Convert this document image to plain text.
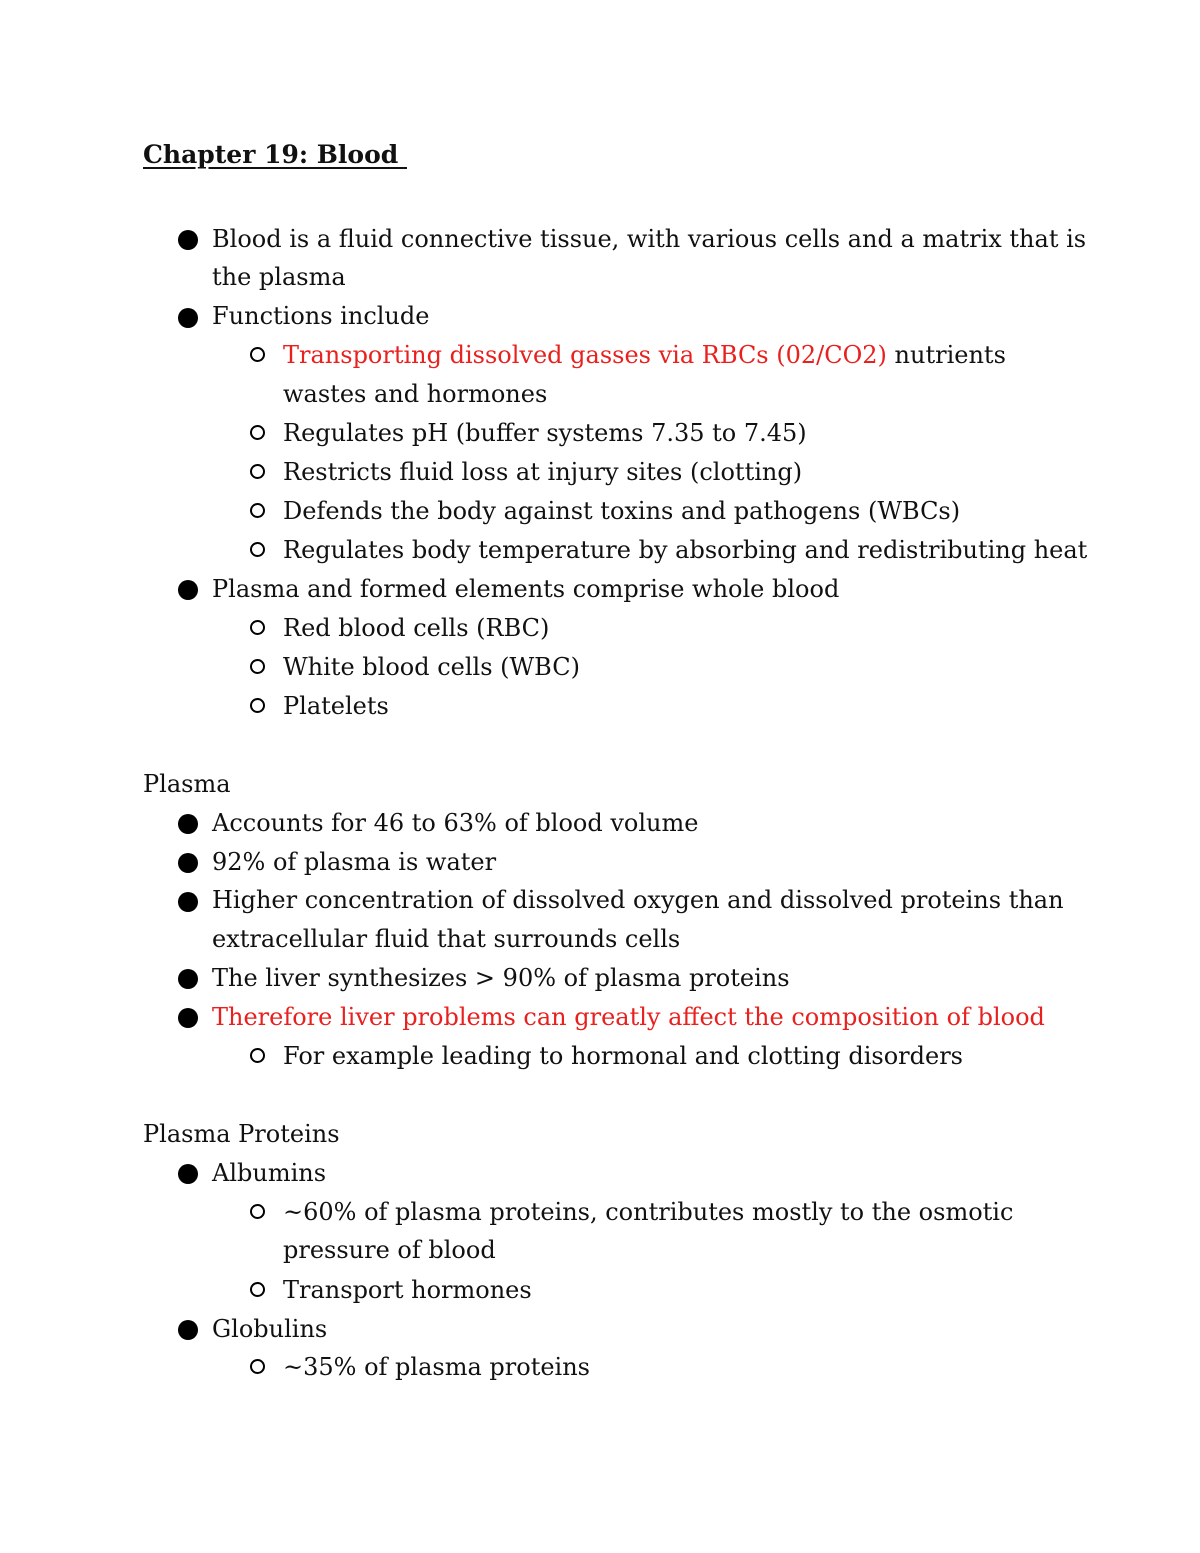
Chapter 19: Blood
Blood is a fluid connective tissue, with various cells and a matrix that is
the plasma
Functions include
Transporting dissolved gasses via RBCs (02/CO2) nutrients
wastes and hormones
Regulates pH (buffer systems 7.35 to 7.45)
Restricts fluid loss at injury sites (clotting)
Defends the body against toxins and pathogens (WBCs)
Regulates body temperature by absorbing and redistributing heat
Plasma and formed elements comprise whole blood
Red blood cells (RBC)
White blood cells (WBC)
Platelets
Plasma
Accounts for 46 to 63% of blood volume
92% of plasma is water
Higher concentration of dissolved oxygen and dissolved proteins than
extracellular fluid that surrounds cells
The liver synthesizes > 90% of plasma proteins
Therefore liver problems can greatly affect the composition of blood
For example leading to hormonal and clotting disorders
Plasma Proteins
Albumins
~60% of plasma proteins, contributes mostly to the osmotic
pressure of blood
Transport hormones
Globulins
~35% of plasma proteins
